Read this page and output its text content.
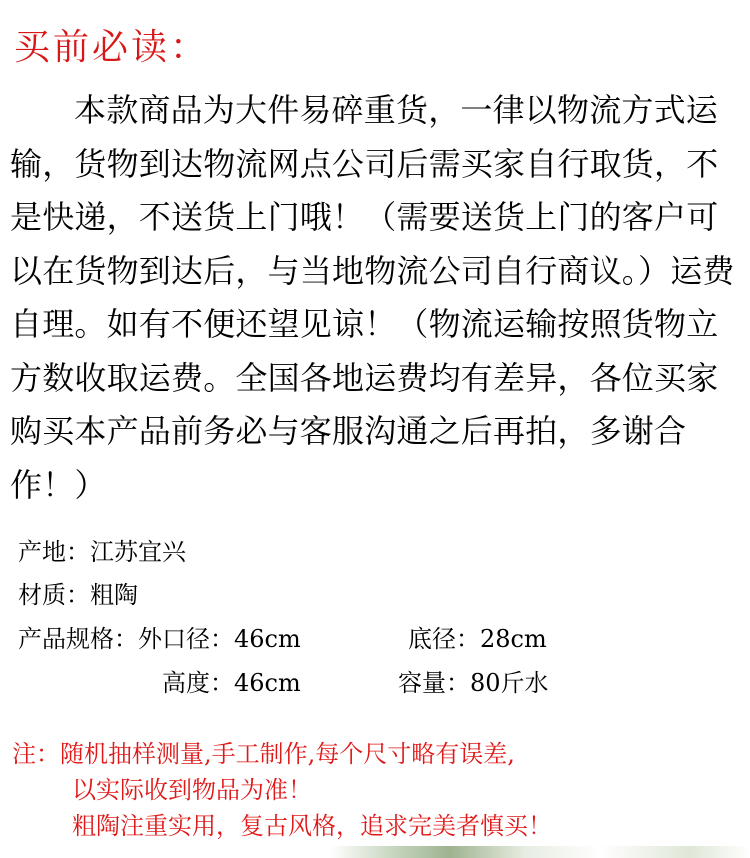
买前必读：
本款商品为大件易碎重货，一律以物流方式运输，货物到达物流网点公司后需买家自行取货，不是快递，不送货上门哦！（需要送货上门的客户可以在货物到达后，与当地物流公司自行商议。）运费自理。如有不便还望见谅！（物流运输按照货物立方数收取运费。全国各地运费均有差异，各位买家购买本产品前务必与客服沟通之后再拍，多谢合作！）
产地：江苏宜兴
材质：粗陶
产品规格：外口径：46cm	底径：28cm
高度：46cm	容量：80斤水
注：随机抽样测量,手工制作,每个尺寸略有误差,
以实际收到物品为准！
粗陶注重实用，复古风格，追求完美者慎买！
